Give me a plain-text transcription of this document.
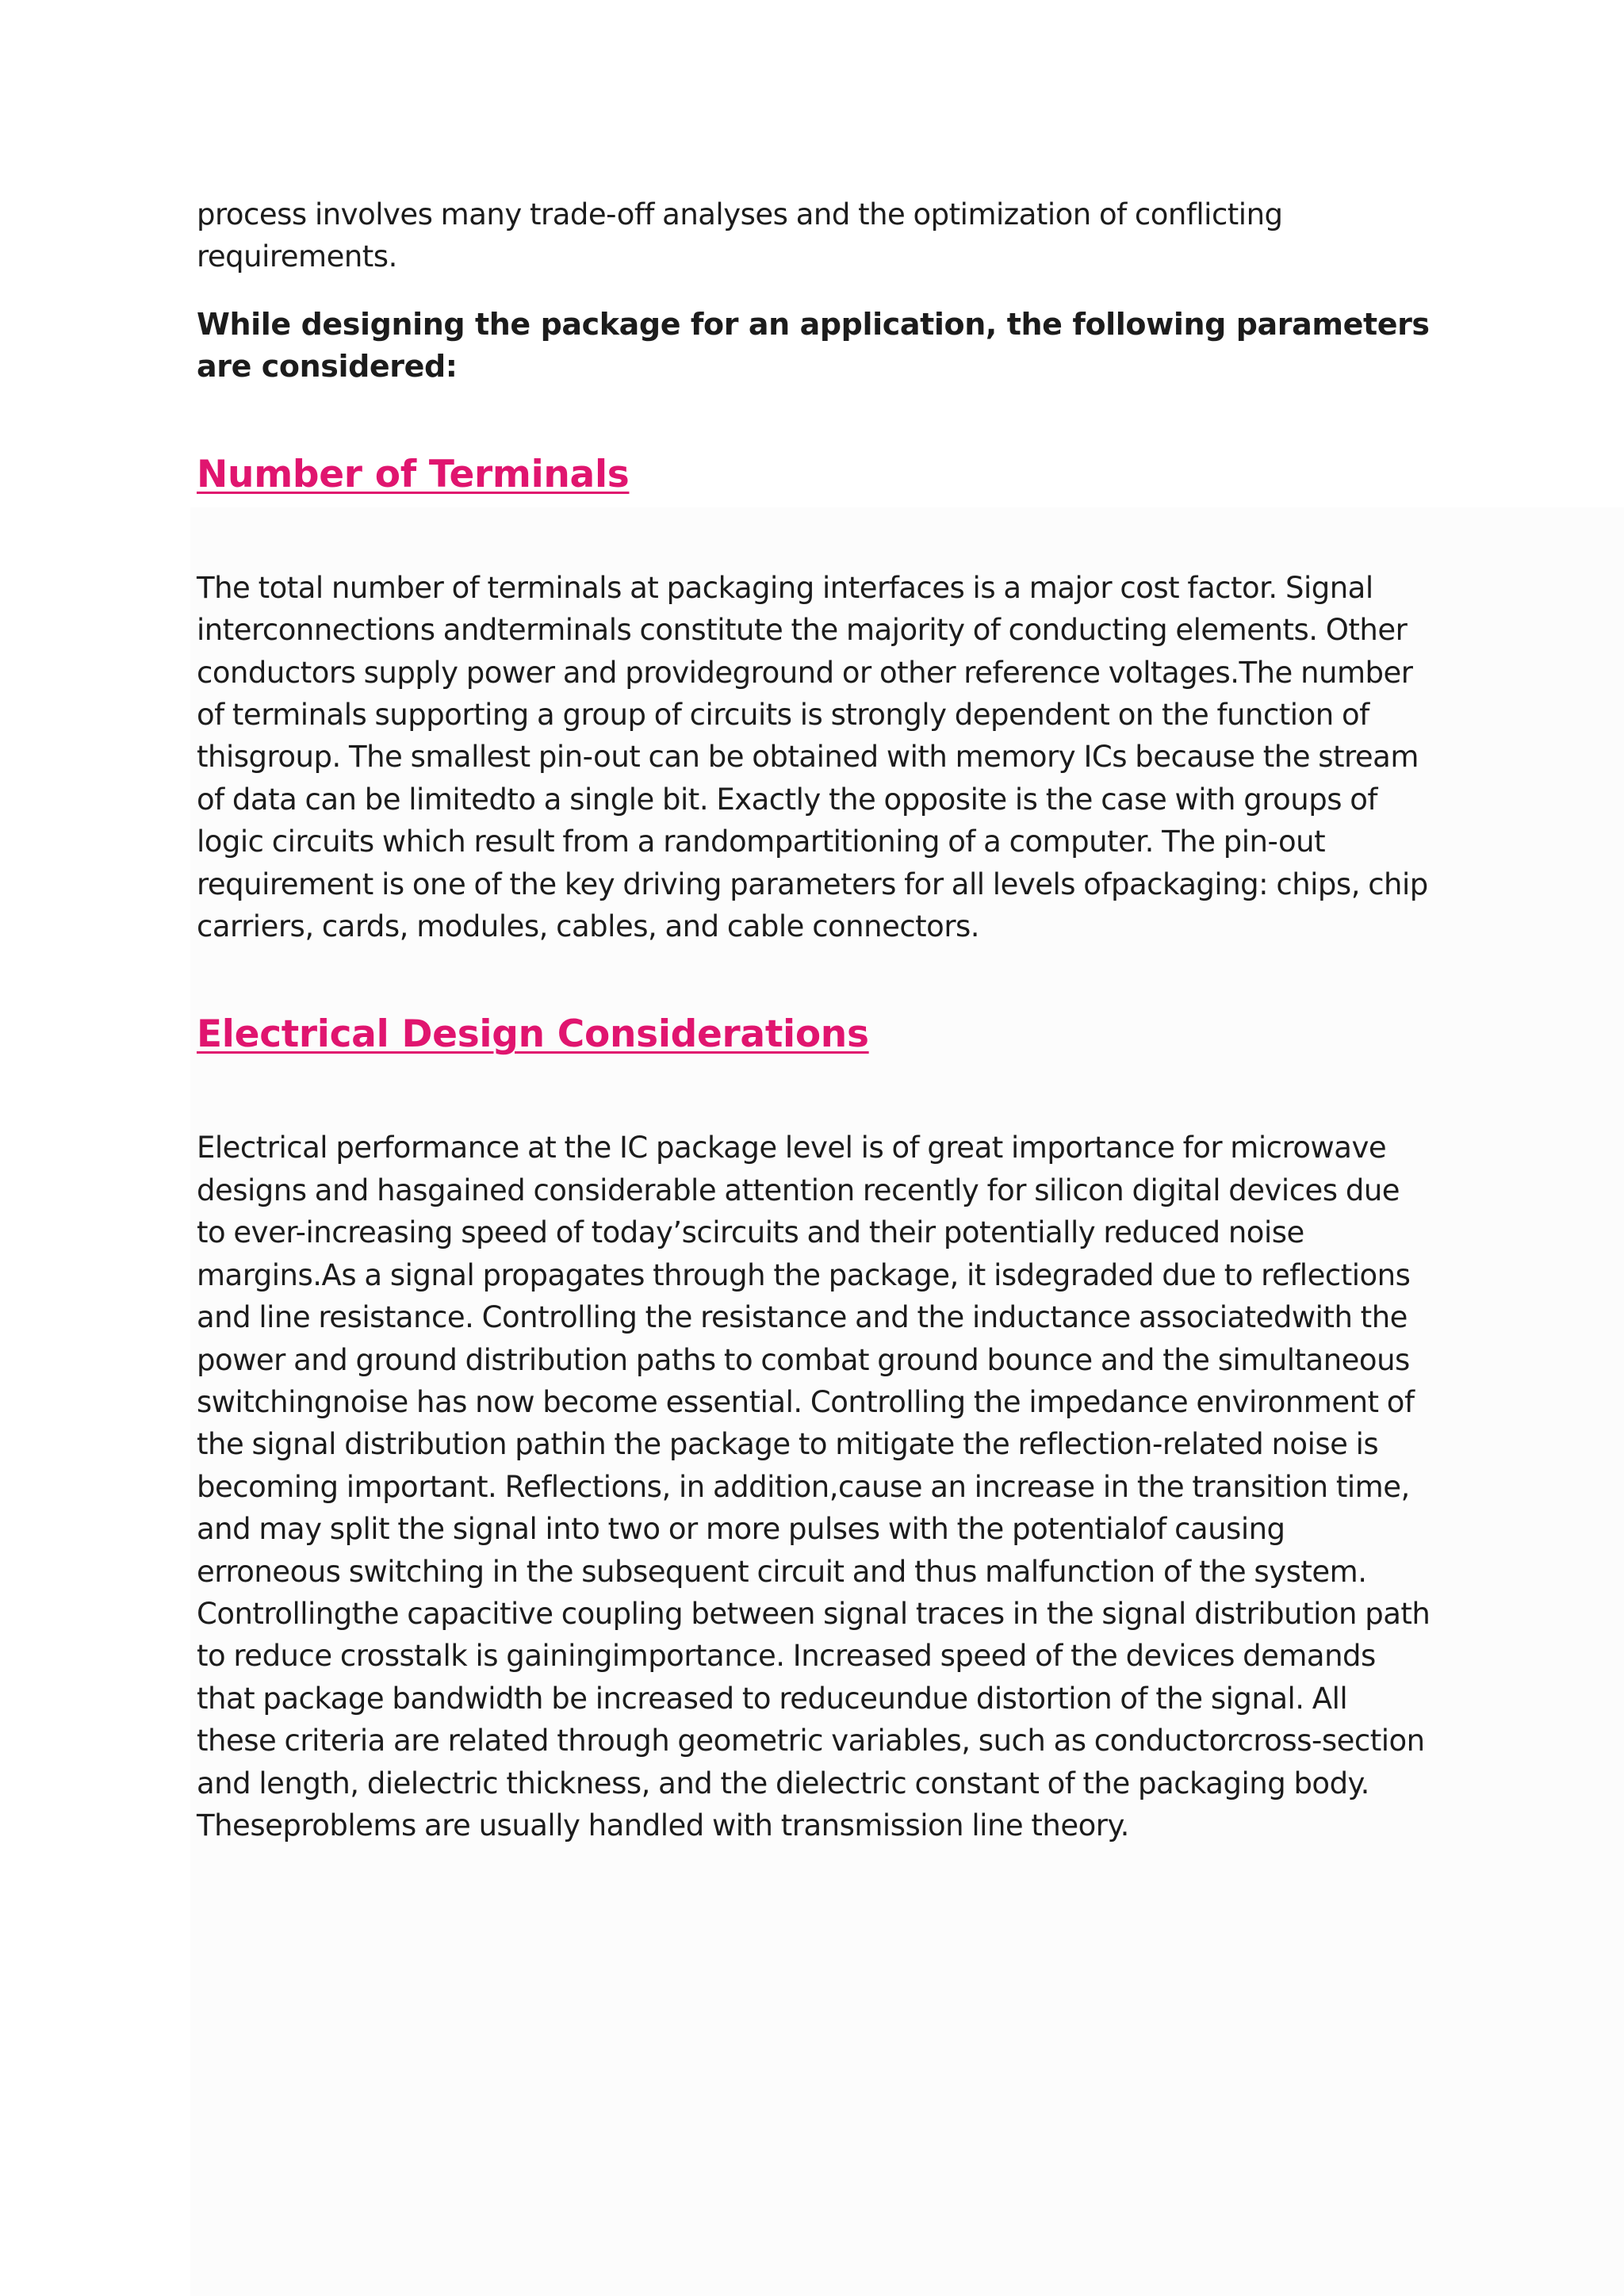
process involves many trade-off analyses and the optimization of conflicting requirements.

While designing the package for an application, the following parameters are considered:

Number of Terminals

The total number of terminals at packaging interfaces is a major cost factor. Signal interconnections andterminals constitute the majority of conducting elements. Other conductors supply power and provideground or other reference voltages.The number of terminals supporting a group of circuits is strongly dependent on the function of thisgroup. The smallest pin-out can be obtained with memory ICs because the stream of data can be limitedto a single bit. Exactly the opposite is the case with groups of logic circuits which result from a randompartitioning of a computer. The pin-out requirement is one of the key driving parameters for all levels ofpackaging: chips, chip carriers, cards, modules, cables, and cable connectors.

Electrical Design Considerations

Electrical performance at the IC package level is of great importance for microwave designs and hasgained considerable attention recently for silicon digital devices due to ever-increasing speed of today’scircuits and their potentially reduced noise margins.As a signal propagates through the package, it isdegraded due to reflections and line resistance. Controlling the resistance and the inductance associatedwith the power and ground distribution paths to combat ground bounce and the simultaneous switchingnoise has now become essential. Controlling the impedance environment of the signal distribution pathin the package to mitigate the reflection-related noise is becoming important. Reflections, in addition,cause an increase in the transition time, and may split the signal into two or more pulses with the potentialof causing erroneous switching in the subsequent circuit and thus malfunction of the system. Controllingthe capacitive coupling between signal traces in the signal distribution path to reduce crosstalk is gainingimportance. Increased speed of the devices demands that package bandwidth be increased to reduceundue distortion of the signal. All these criteria are related through geometric variables, such as conductorcross-section and length, dielectric thickness, and the dielectric constant of the packaging body. Theseproblems are usually handled with transmission line theory.
